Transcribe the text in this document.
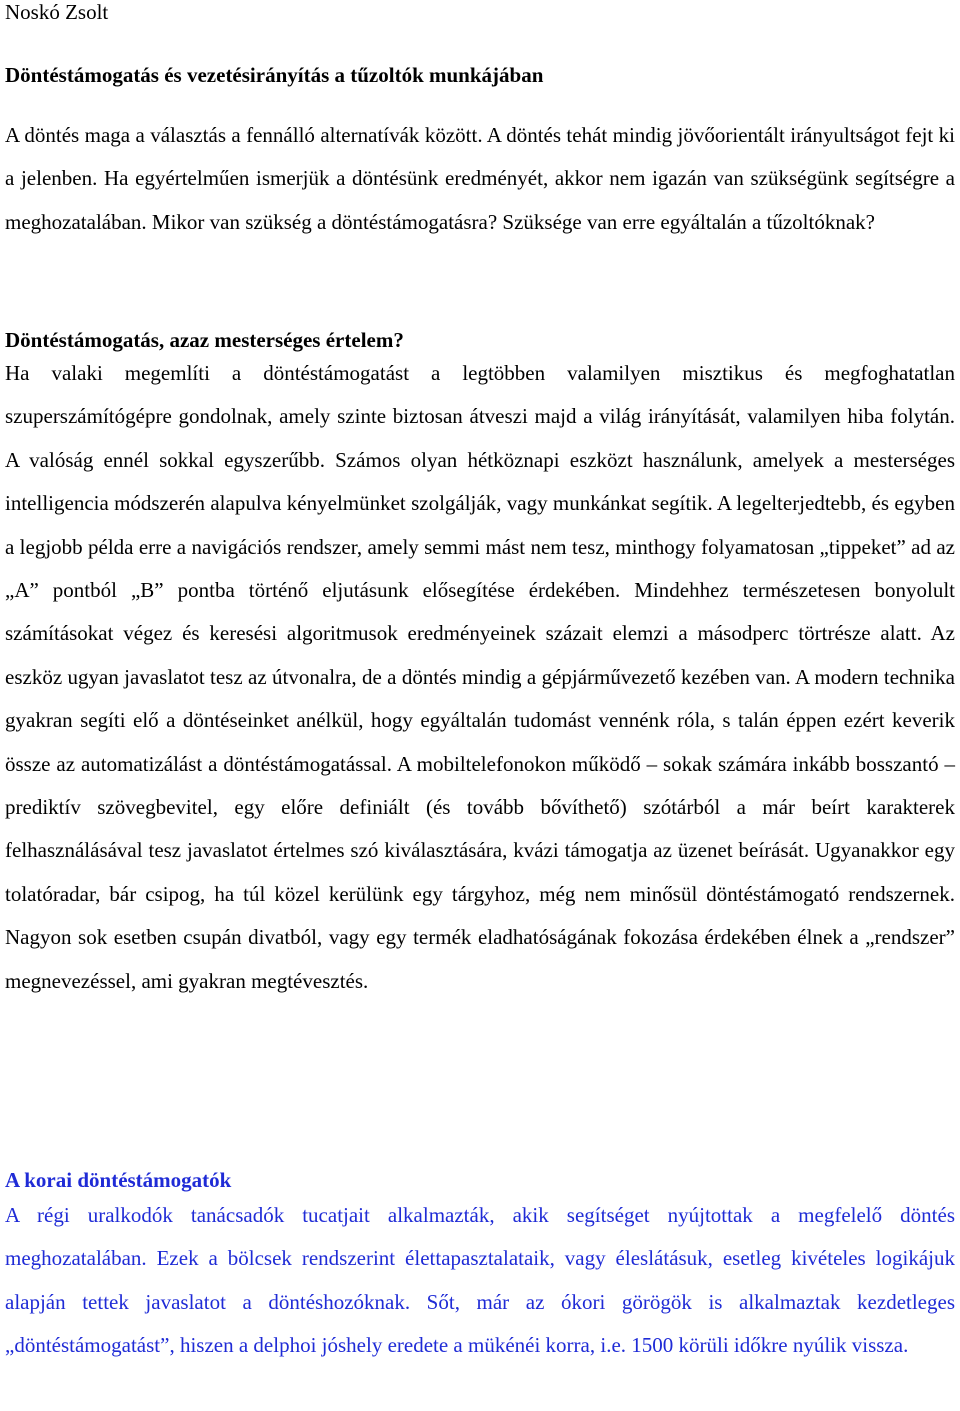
Noskó Zsolt
Döntéstámogatás és vezetésirányítás a tűzoltók munkájában

A döntés maga a választás a fennálló alternatívák között. A döntés tehát mindig jövőorientált irányultságot fejt ki a jelenben. Ha egyértelműen ismerjük a döntésünk eredményét, akkor nem igazán van szükségünk segítségre a meghozatalában. Mikor van szükség a döntéstámogatásra? Szüksége van erre egyáltalán a tűzoltóknak?

Döntéstámogatás, azaz mesterséges értelem?

Ha valaki megemlíti a döntéstámogatást a legtöbben valamilyen misztikus és megfoghatatlan szuperszámítógépre gondolnak, amely szinte biztosan átveszi majd a világ irányítását, valamilyen hiba folytán. A valóság ennél sokkal egyszerűbb. Számos olyan hétköznapi eszközt használunk, amelyek a mesterséges intelligencia módszerén alapulva kényelmünket szolgálják, vagy munkánkat segítik. A legelterjedtebb, és egyben a legjobb példa erre a navigációs rendszer, amely semmi mást nem tesz, minthogy folyamatosan „tippeket” ad az „A” pontból „B” pontba történő eljutásunk elősegítése érdekében. Mindehhez természetesen bonyolult számításokat végez és keresési algoritmusok eredményeinek százait elemzi a másodperc törtrésze alatt. Az eszköz ugyan javaslatot tesz az útvonalra, de a döntés mindig a gépjárművezető kezében van. A modern technika gyakran segíti elő a döntéseinket anélkül, hogy egyáltalán tudomást vennénk róla, s talán éppen ezért keverik össze az automatizálást a döntéstámogatással. A mobiltelefonokon működő – sokak számára inkább bosszantó – prediktív szövegbevitel, egy előre definiált (és tovább bővíthető) szótárból a már beírt karakterek felhasználásával tesz javaslatot értelmes szó kiválasztására, kvázi támogatja az üzenet beírását. Ugyanakkor egy tolatóradar, bár csipog, ha túl közel kerülünk egy tárgyhoz, még nem minősül döntéstámogató rendszernek. Nagyon sok esetben csupán divatból, vagy egy termék eladhatóságának fokozása érdekében élnek a „rendszer” megnevezéssel, ami gyakran megtévesztés.

A korai döntéstámogatók

A régi uralkodók tanácsadók tucatjait alkalmazták, akik segítséget nyújtottak a megfelelő döntés meghozatalában. Ezek a bölcsek rendszerint élettapasztalataik, vagy éleslátásuk, esetleg kivételes logikájuk alapján tettek javaslatot a döntéshozóknak. Sőt, már az ókori görögök is alkalmaztak kezdetleges „döntéstámogatást”, hiszen a delphoi jóshely eredete a mükénéi korra, i.e. 1500 körüli időkre nyúlik vissza.
